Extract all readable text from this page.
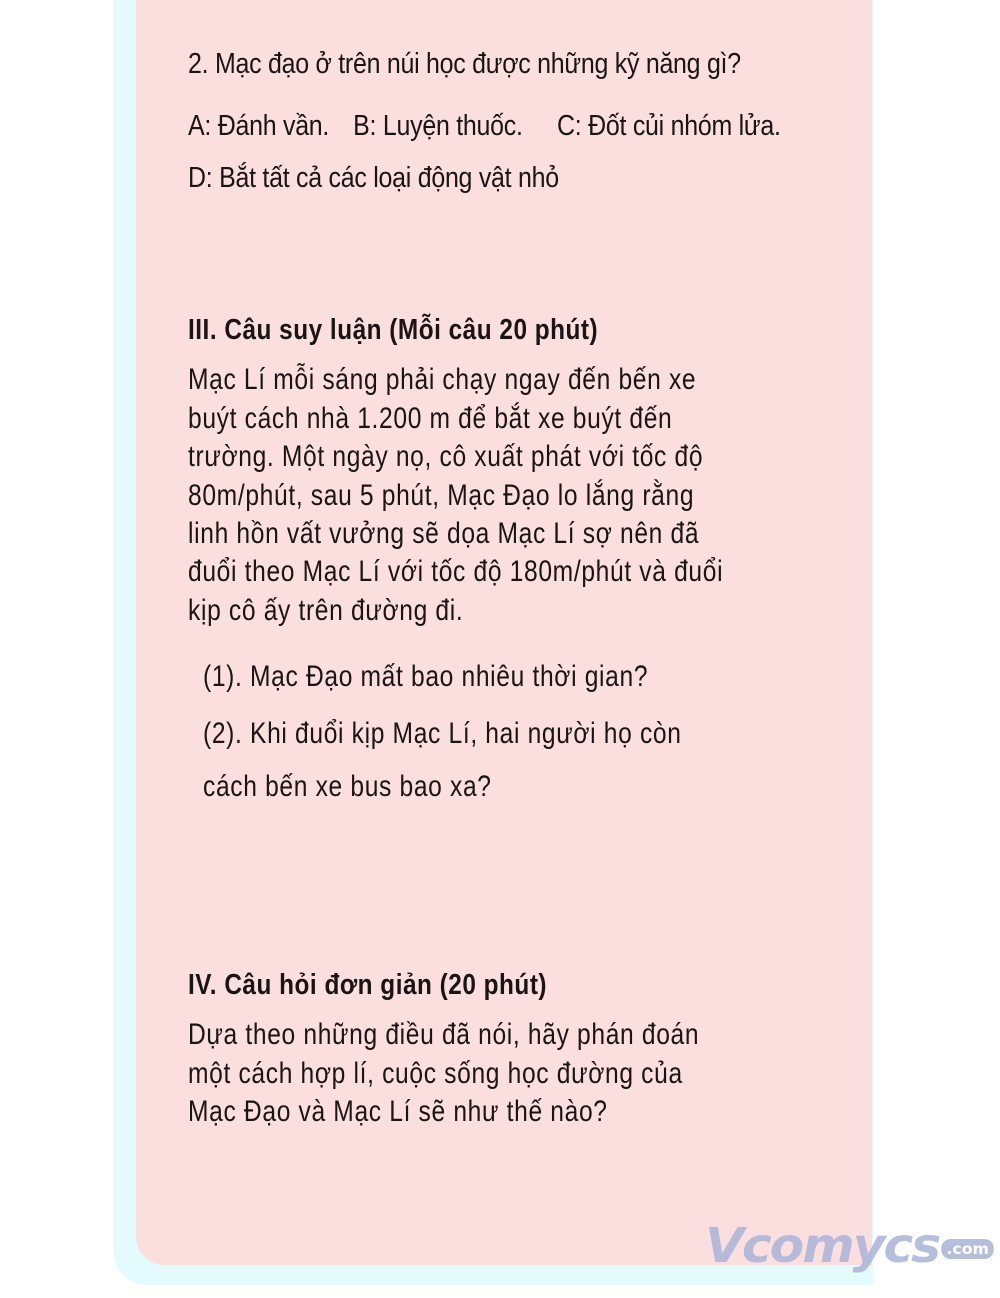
2. Mạc đạo ở trên núi học được những kỹ năng gì?
A: Đánh vần. B: Luyện thuốc. C: Đốt củi nhóm lửa.
D: Bắt tất cả các loại động vật nhỏ
III. Câu suy luận (Mỗi câu 20 phút)
Mạc Lí mỗi sáng phải chạy ngay đến bến xe
buýt cách nhà 1.200 m để bắt xe buýt đến
trường. Một ngày nọ, cô xuất phát với tốc độ
80m/phút, sau 5 phút, Mạc Đạo lo lắng rằng
linh hồn vất vưởng sẽ dọa Mạc Lí sợ nên đã
đuổi theo Mạc Lí với tốc độ 180m/phút và đuổi
kịp cô ấy trên đường đi.
(1). Mạc Đạo mất bao nhiêu thời gian?
(2). Khi đuổi kịp Mạc Lí, hai người họ còn
cách bến xe bus bao xa?
IV. Câu hỏi đơn giản (20 phút)
Dựa theo những điều đã nói, hãy phán đoán
một cách hợp lí, cuộc sống học đường của
Mạc Đạo và Mạc Lí sẽ như thế nào?
Vcomycs .com
